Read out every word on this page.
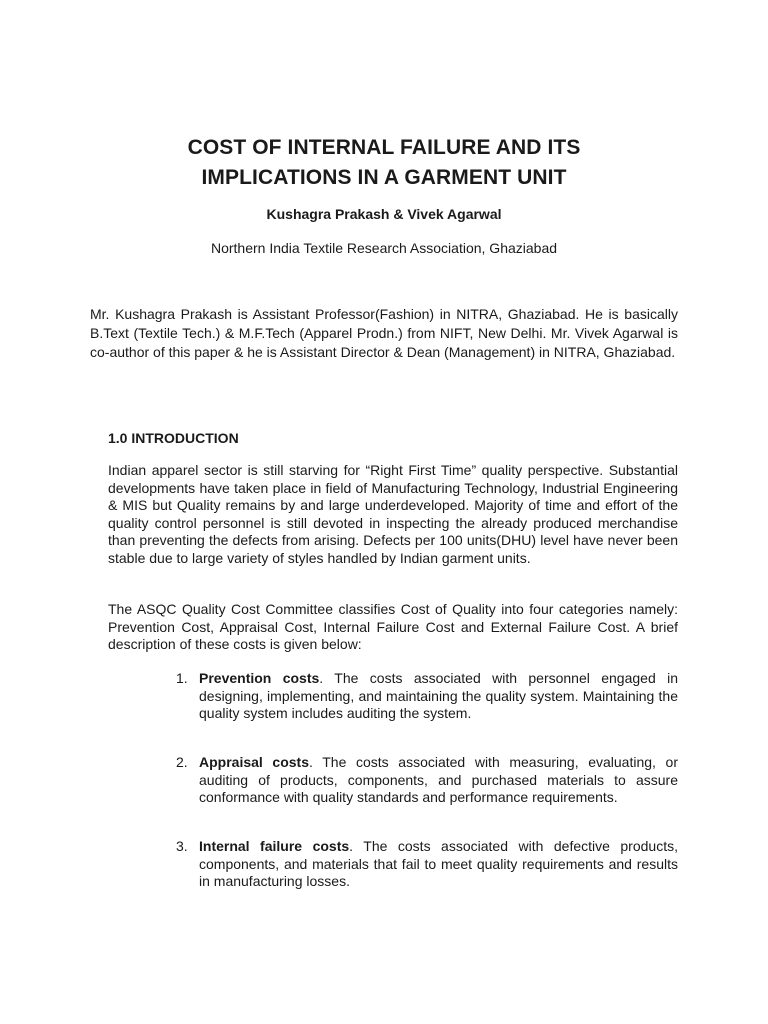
COST OF INTERNAL FAILURE AND ITS
IMPLICATIONS IN A GARMENT UNIT

Kushagra Prakash & Vivek Agarwal

Northern India Textile Research Association, Ghaziabad

Mr. Kushagra Prakash is Assistant Professor(Fashion) in NITRA, Ghaziabad. He is basically B.Text (Textile Tech.) & M.F.Tech (Apparel Prodn.) from NIFT, New Delhi. Mr. Vivek Agarwal is co-author of this paper & he is Assistant Director & Dean (Management) in NITRA, Ghaziabad.

1.0 INTRODUCTION

Indian apparel sector is still starving for “Right First Time” quality perspective. Substantial developments have taken place in field of Manufacturing Technology, Industrial Engineering & MIS but Quality remains by and large underdeveloped. Majority of time and effort of the quality control personnel is still devoted in inspecting the already produced merchandise than preventing the defects from arising. Defects per 100 units(DHU) level have never been stable due to large variety of styles handled by Indian garment units.

The ASQC Quality Cost Committee classifies Cost of Quality into four categories namely: Prevention Cost, Appraisal Cost, Internal Failure Cost and External Failure Cost. A brief description of these costs is given below:

1. Prevention costs. The costs associated with personnel engaged in designing, implementing, and maintaining the quality system. Maintaining the quality system includes auditing the system.
2. Appraisal costs. The costs associated with measuring, evaluating, or auditing of products, components, and purchased materials to assure conformance with quality standards and performance requirements.
3. Internal failure costs. The costs associated with defective products, components, and materials that fail to meet quality requirements and results in manufacturing losses.
